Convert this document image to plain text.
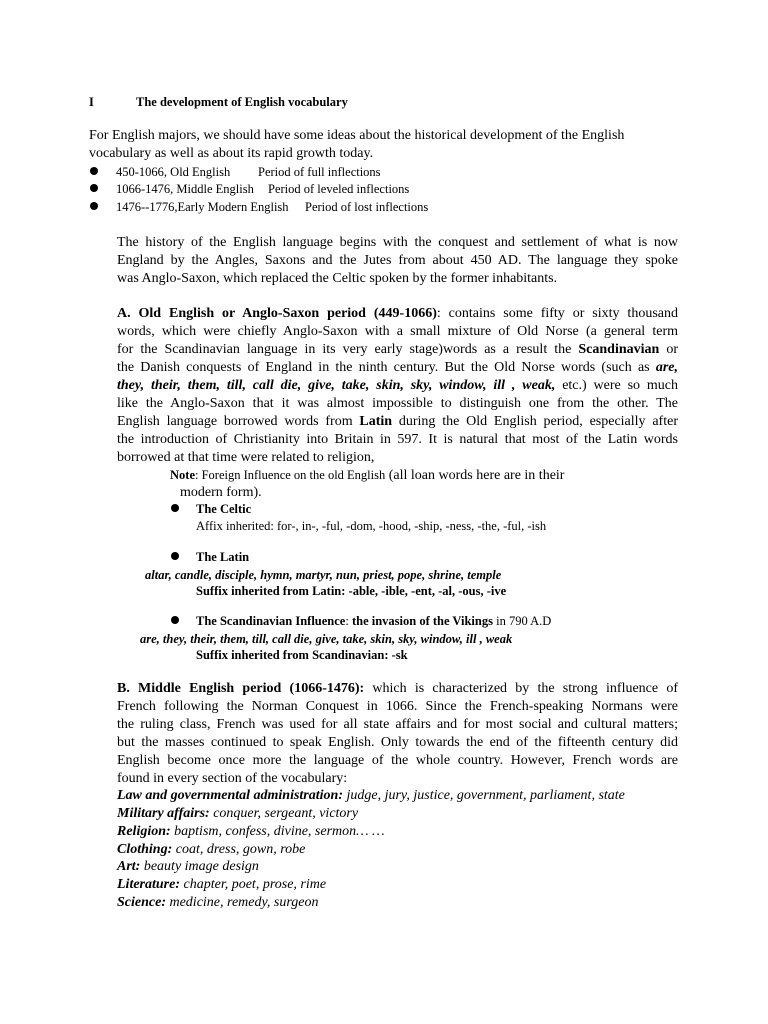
I	The development of English vocabulary
For English majors, we should have some ideas about the historical development of the English
vocabulary as well as about its rapid growth today.
450-1066, Old English Period of full inflections
1066-1476, Middle English Period of leveled inflections
1476--1776,Early Modern English Period of lost inflections
The history of the English language begins with the conquest and settlement of what is now
England by the Angles, Saxons and the Jutes from about 450 AD. The language they spoke
was Anglo-Saxon, which replaced the Celtic spoken by the former inhabitants.
A. Old English or Anglo-Saxon period (449-1066): contains some fifty or sixty thousand
words, which were chiefly Anglo-Saxon with a small mixture of Old Norse (a general term
for the Scandinavian language in its very early stage)words as a result the Scandinavian or
the Danish conquests of England in the ninth century. But the Old Norse words (such as are,
they, their, them, till, call die, give, take, skin, sky, window, ill , weak, etc.) were so much
like the Anglo-Saxon that it was almost impossible to distinguish one from the other. The
English language borrowed words from Latin during the Old English period, especially after
the introduction of Christianity into Britain in 597. It is natural that most of the Latin words
borrowed at that time were related to religion,
Note: Foreign Influence on the old English (all loan words here are in their
modern form).
The Celtic
Affix inherited: for-, in-, -ful, -dom, -hood, -ship, -ness, -the, -ful, -ish
The Latin
altar, candle, disciple, hymn, martyr, nun, priest, pope, shrine, temple
Suffix inherited from Latin: -able, -ible, -ent, -al, -ous, -ive
The Scandinavian Influence: the invasion of the Vikings in 790 A.D
are, they, their, them, till, call die, give, take, skin, sky, window, ill , weak
Suffix inherited from Scandinavian: -sk
B. Middle English period (1066-1476): which is characterized by the strong influence of
French following the Norman Conquest in 1066. Since the French-speaking Normans were
the ruling class, French was used for all state affairs and for most social and cultural matters;
but the masses continued to speak English. Only towards the end of the fifteenth century did
English become once more the language of the whole country. However, French words are
found in every section of the vocabulary:
Law and governmental administration: judge, jury, justice, government, parliament, state
Military affairs: conquer, sergeant, victory
Religion: baptism, confess, divine, sermon… …
Clothing: coat, dress, gown, robe
Art: beauty image design
Literature: chapter, poet, prose, rime
Science: medicine, remedy, surgeon
